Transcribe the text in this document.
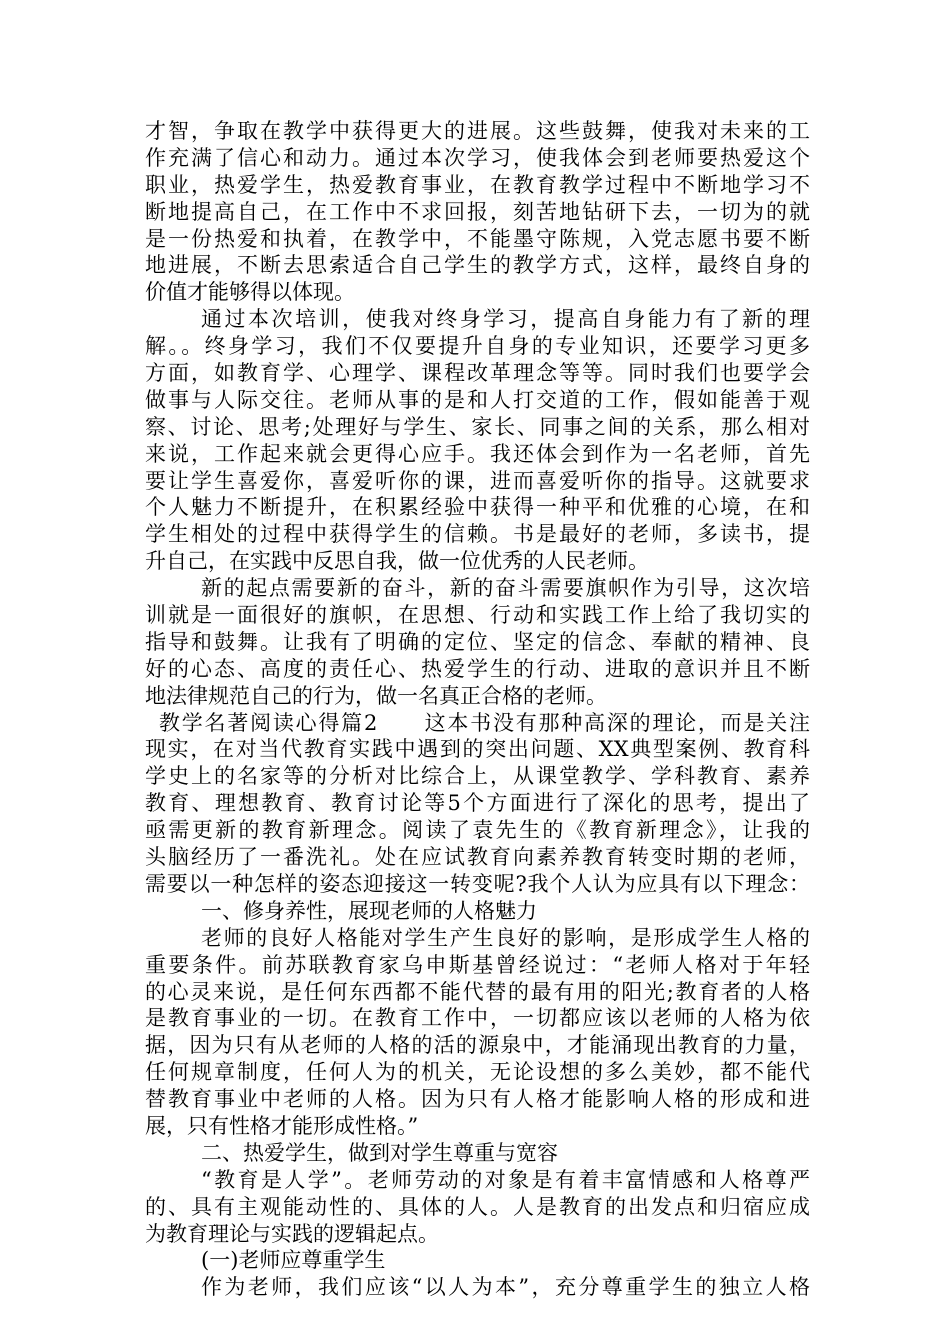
才智，争取在教学中获得更大的进展。这些鼓舞，使我对未来的工
作充满了信心和动力。通过本次学习，使我体会到老师要热爱这个
职业，热爱学生，热爱教育事业，在教育教学过程中不断地学习不
断地提高自己，在工作中不求回报，刻苦地钻研下去，一切为的就
是一份热爱和执着，在教学中，不能墨守陈规，入党志愿书要不断
地进展，不断去思索适合自己学生的教学方式，这样，最终自身的
价值才能够得以体现。
通过本次培训，使我对终身学习，提高自身能力有了新的理
解。。终身学习，我们不仅要提升自身的专业知识，还要学习更多
方面，如教育学、心理学、课程改革理念等等。同时我们也要学会
做事与人际交往。老师从事的是和人打交道的工作，假如能善于观
察、讨论、思考;处理好与学生、家长、同事之间的关系，那么相对
来说，工作起来就会更得心应手。我还体会到作为一名老师，首先
要让学生喜爱你，喜爱听你的课，进而喜爱听你的指导。这就要求
个人魅力不断提升，在积累经验中获得一种平和优雅的心境，在和
学生相处的过程中获得学生的信赖。书是最好的老师，多读书，提
升自己，在实践中反思自我，做一位优秀的人民老师。
新的起点需要新的奋斗，新的奋斗需要旗帜作为引导，这次培
训就是一面很好的旗帜，在思想、行动和实践工作上给了我切实的
指导和鼓舞。让我有了明确的定位、坚定的信念、奉献的精神、良
好的心态、高度的责任心、热爱学生的行动、进取的意识并且不断
地法律规范自己的行为，做一名真正合格的老师。
教学名著阅读心得篇2　　这本书没有那种高深的理论，而是关注
现实，在对当代教育实践中遇到的突出问题、XX典型案例、教育科
学史上的名家等的分析对比综合上，从课堂教学、学科教育、素养
教育、理想教育、教育讨论等5个方面进行了深化的思考，提出了
亟需更新的教育新理念。阅读了袁先生的《教育新理念》，让我的
头脑经历了一番洗礼。处在应试教育向素养教育转变时期的老师，
需要以一种怎样的姿态迎接这一转变呢?我个人认为应具有以下理念：
一、修身养性，展现老师的人格魅力
老师的良好人格能对学生产生良好的影响，是形成学生人格的
重要条件。前苏联教育家乌申斯基曾经说过：“老师人格对于年轻
的心灵来说，是任何东西都不能代替的最有用的阳光;教育者的人格
是教育事业的一切。在教育工作中，一切都应该以老师的人格为依
据，因为只有从老师的人格的活的源泉中，才能涌现出教育的力量，
任何规章制度，任何人为的机关，无论设想的多么美妙，都不能代
替教育事业中老师的人格。因为只有人格才能影响人格的形成和进
展，只有性格才能形成性格。”
二、热爱学生，做到对学生尊重与宽容
“教育是人学”。老师劳动的对象是有着丰富情感和人格尊严
的、具有主观能动性的、具体的人。人是教育的出发点和归宿应成
为教育理论与实践的逻辑起点。
(一)老师应尊重学生
作为老师，我们应该“以人为本”，充分尊重学生的独立人格
